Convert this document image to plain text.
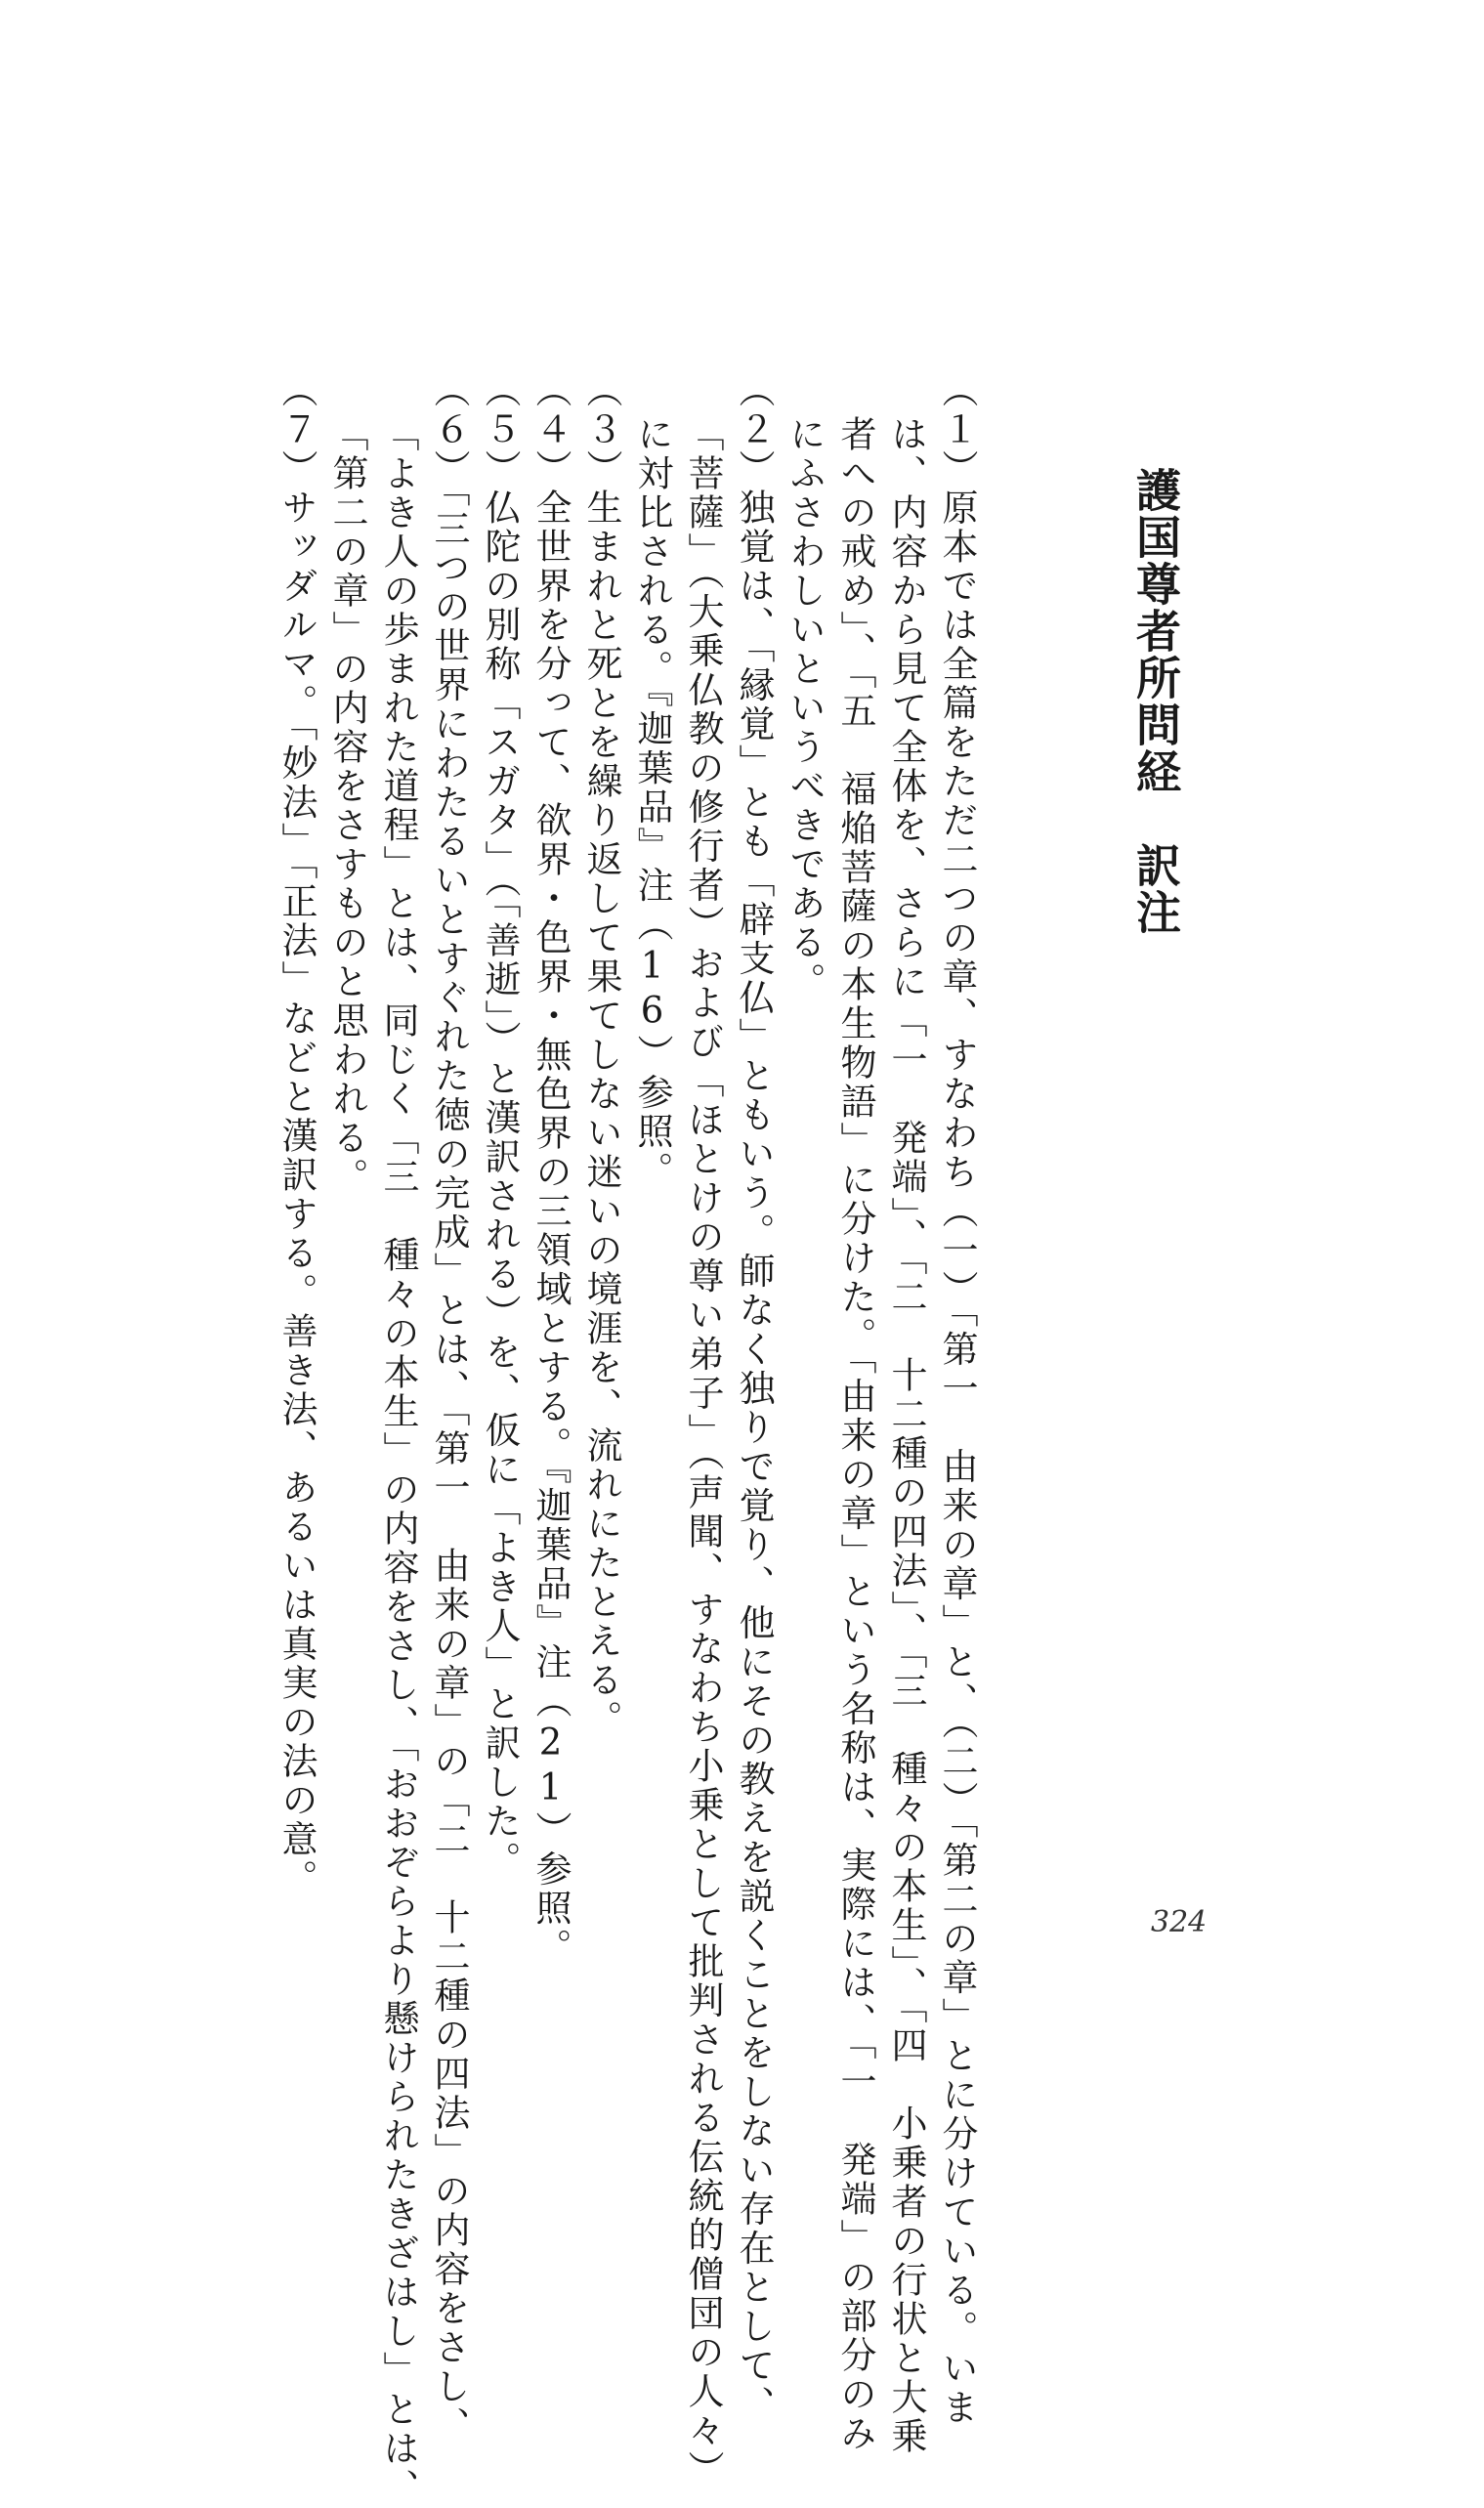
護国尊者所問経　訳注

（１）原本では全篇をただ二つの章、すなわち（一）「第一　由来の章」と、（二）「第二の章」とに分けている。いま

は、内容から見て全体を、さらに「一　発端」、「二　十二種の四法」、「三　種々の本生」、「四　小乗者の行状と大乗

者への戒め」、「五　福焔菩薩の本生物語」に分けた。「由来の章」という名称は、実際には、「一　発端」の部分のみ

にふさわしいというべきである。

（２）独覚は、「縁覚」とも「辟支仏」ともいう。師なく独りで覚り、他にその教えを説くことをしない存在として、

「菩薩」（大乗仏教の修行者）および「ほとけの尊い弟子」（声聞、すなわち小乗として批判される伝統的僧団の人々）

に対比される。『迦葉品』注（16）参照。

（３）生まれと死とを繰り返して果てしない迷いの境涯を、流れにたとえる。

（４）全世界を分って、欲界・色界・無色界の三領域とする。『迦葉品』注（21）参照。

（５）仏陀の別称「スガタ」（「善逝」）と漢訳される）を、仮に「よき人」と訳した。

（６）「三つの世界にわたるいとすぐれた徳の完成」とは、「第一　由来の章」の「二　十二種の四法」の内容をさし、

「よき人の歩まれた道程」とは、同じく「三　種々の本生」の内容をさし、「おおぞらより懸けられたきざはし」とは、

「第二の章」の内容をさすものと思われる。

（７）サッダルマ。「妙法」「正法」などと漢訳する。善き法、あるいは真実の法の意。

324
